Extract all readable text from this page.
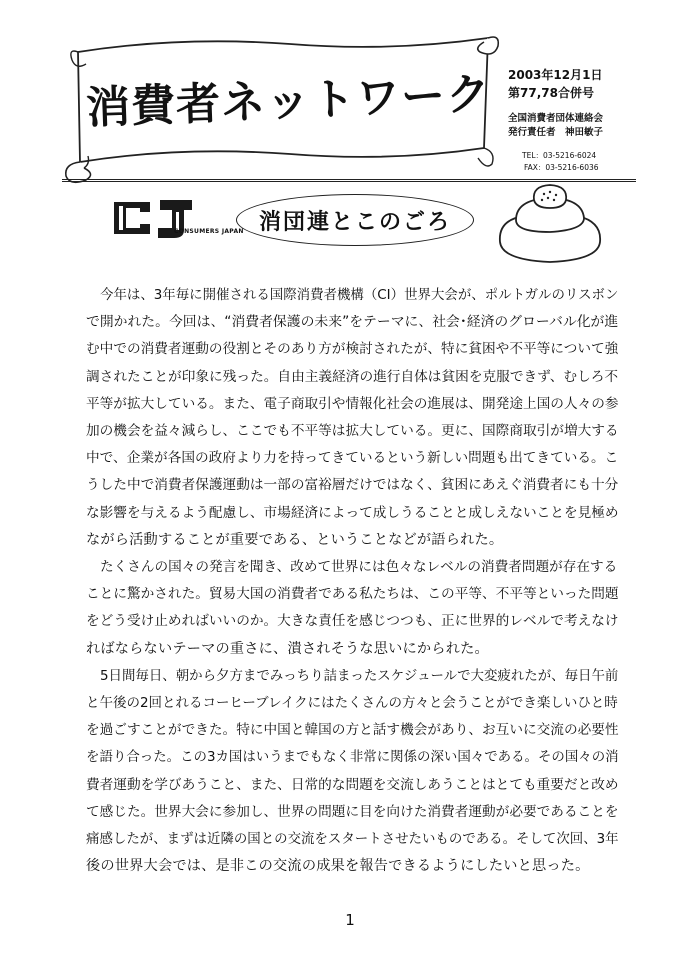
消費者ネットワーク 2003年12月1日
第77,78合併号
全国消費者団体連絡会
発行責任者　神田敏子
TEL：03-5216-6024
FAX：03-5216-6036
CONSUMERS JAPAN 消団連とこのごろ

今年は、3年毎に開催される国際消費者機構（CI）世界大会が、ポルトガルのリスボン
で開かれた。今回は、“消費者保護の未来”をテーマに、社会･経済のグローバル化が進
む中での消費者運動の役割とそのあり方が検討されたが、特に貧困や不平等について強
調されたことが印象に残った。自由主義経済の進行自体は貧困を克服できず、むしろ不
平等が拡大している。また、電子商取引や情報化社会の進展は、開発途上国の人々の参
加の機会を益々減らし、ここでも不平等は拡大している。更に、国際商取引が増大する
中で、企業が各国の政府より力を持ってきているという新しい問題も出てきている。こ
うした中で消費者保護運動は一部の富裕層だけではなく、貧困にあえぐ消費者にも十分
な影響を与えるよう配慮し、市場経済によって成しうることと成しえないことを見極め
ながら活動することが重要である、ということなどが語られた。

たくさんの国々の発言を聞き、改めて世界には色々なレベルの消費者問題が存在する
ことに驚かされた。貿易大国の消費者である私たちは、この平等、不平等といった問題
をどう受け止めればいいのか。大きな責任を感じつつも、正に世界的レベルで考えなけ
ればならないテーマの重さに、潰されそうな思いにかられた。

5日間毎日、朝から夕方までみっちり詰まったスケジュールで大変疲れたが、毎日午前
と午後の2回とれるコーヒーブレイクにはたくさんの方々と会うことができ楽しいひと時
を過ごすことができた。特に中国と韓国の方と話す機会があり、お互いに交流の必要性
を語り合った。この3カ国はいうまでもなく非常に関係の深い国々である。その国々の消
費者運動を学びあうこと、また、日常的な問題を交流しあうことはとても重要だと改め
て感じた。世界大会に参加し、世界の問題に目を向けた消費者運動が必要であることを
痛感したが、まずは近隣の国との交流をスタートさせたいものである。そして次回、3年
後の世界大会では、是非この交流の成果を報告できるようにしたいと思った。

1
